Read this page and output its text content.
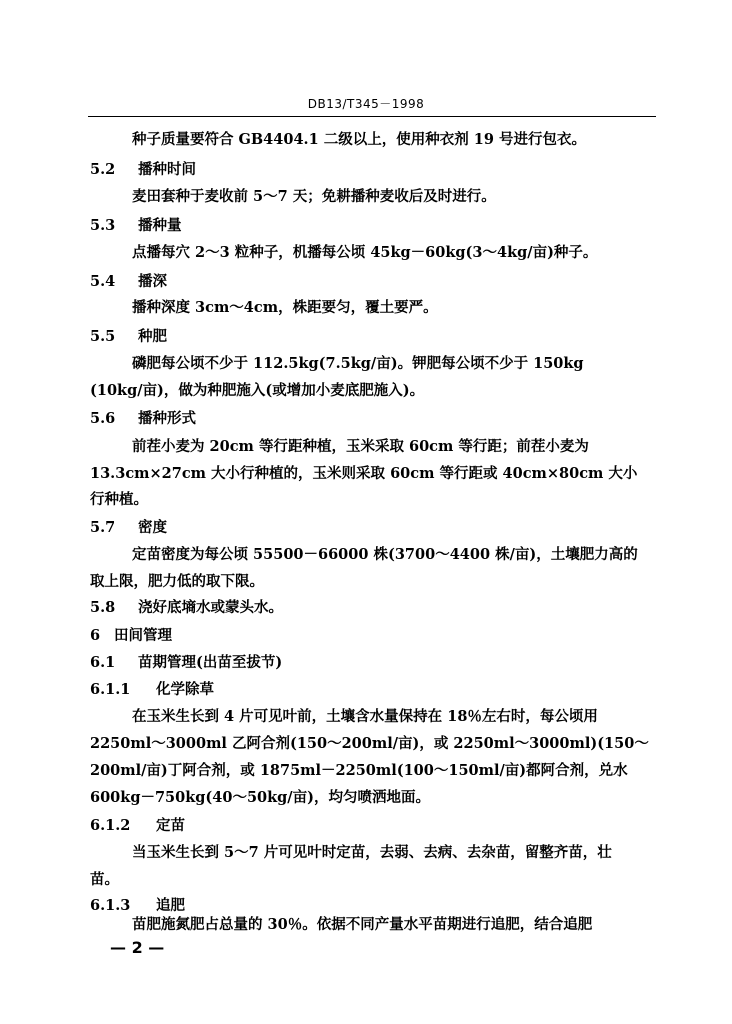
DB13/T345－1998
种子质量要符合 GB4404.1 二级以上，使用种衣剂 19 号进行包衣。
5.2 播种时间
麦田套种于麦收前 5～7 天；免耕播种麦收后及时进行。
5.3 播种量
点播每穴 2～3 粒种子，机播每公顷 45kg－60kg(3～4kg/亩)种子。
5.4 播深
播种深度 3cm～4cm，株距要匀，覆土要严。
5.5 种肥
磷肥每公顷不少于 112.5kg(7.5kg/亩)。钾肥每公顷不少于 150kg
(10kg/亩)，做为种肥施入(或增加小麦底肥施入)。
5.6 播种形式
前茬小麦为 20cm 等行距种植，玉米采取 60cm 等行距；前茬小麦为
13.3cm×27cm 大小行种植的，玉米则采取 60cm 等行距或 40cm×80cm 大小
行种植。
5.7 密度
定苗密度为每公顷 55500－66000 株(3700～4400 株/亩)，土壤肥力高的
取上限，肥力低的取下限。
5.8 浇好底墒水或蒙头水。
6 田间管理
6.1 苗期管理(出苗至拔节)
6.1.1 化学除草
在玉米生长到 4 片可见叶前，土壤含水量保持在 18％左右时，每公顷用
2250ml～3000ml 乙阿合剂(150～200ml/亩)，或 2250ml～3000ml)(150～
200ml/亩)丁阿合剂，或 1875ml－2250ml(100～150ml/亩)都阿合剂，兑水
600kg－750kg(40～50kg/亩)，均匀喷洒地面。
6.1.2 定苗
当玉米生长到 5～7 片可见叶时定苗，去弱、去病、去杂苗，留整齐苗，壮
苗。
6.1.3 追肥
苗肥施氮肥占总量的 30％。依据不同产量水平苗期进行追肥，结合追肥
— 2 —
